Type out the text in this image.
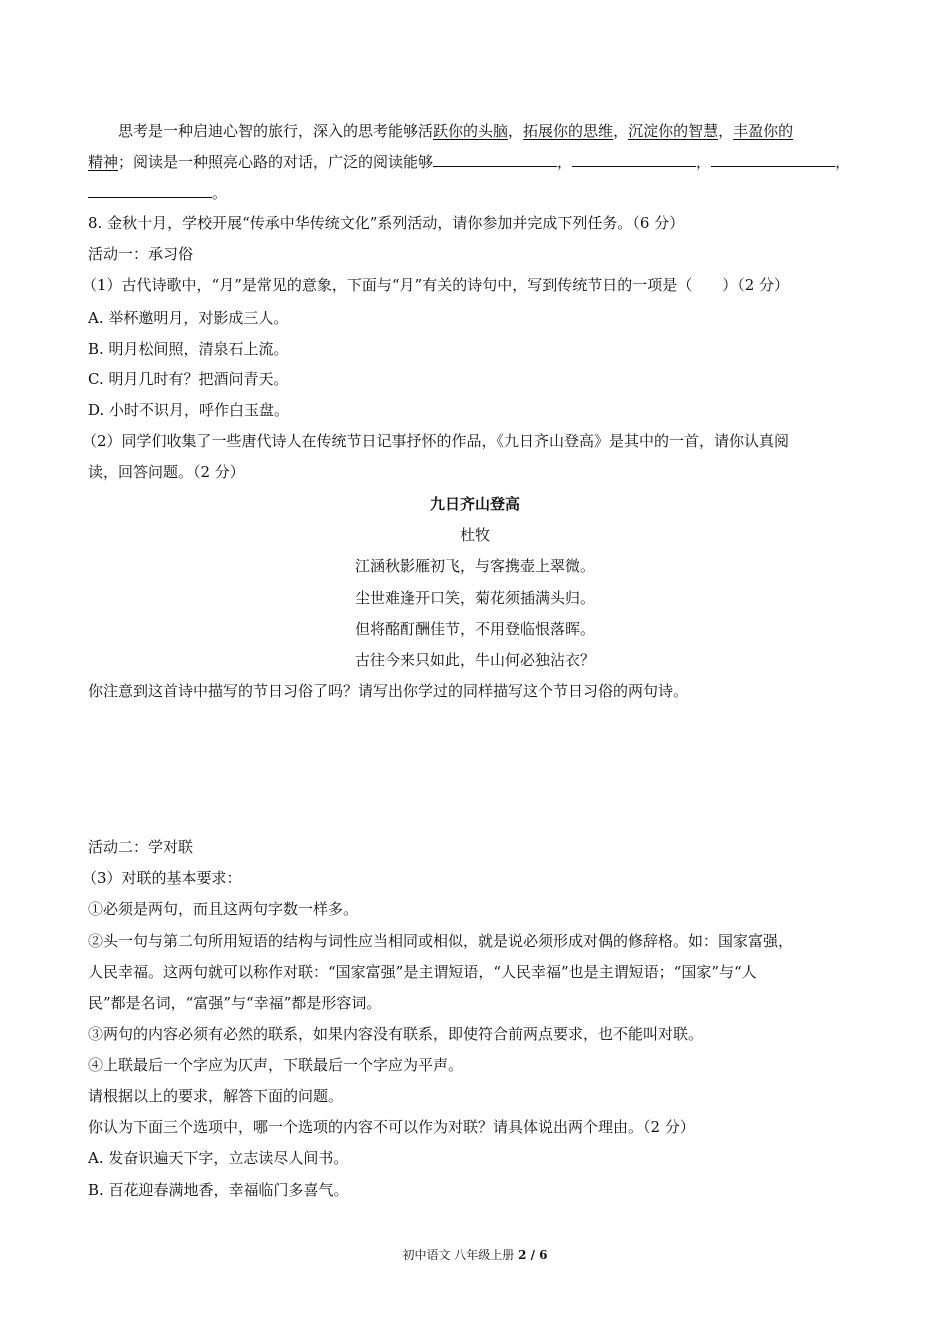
思考是一种启迪心智的旅行，深入的思考能够活跃你的头脑，拓展你的思维，沉淀你的智慧，丰盈你的
精神；阅读是一种照亮心路的对话，广泛的阅读能够	，	，	，
。
8. 金秋十月，学校开展“传承中华传统文化”系列活动，请你参加并完成下列任务。（6 分）
活动一：承习俗
（1）古代诗歌中，“月”是常见的意象，下面与“月”有关的诗句中，写到传统节日的一项是（　　）（2 分）
A. 举杯邀明月，对影成三人。
B. 明月松间照，清泉石上流。
C. 明月几时有？把酒问青天。
D. 小时不识月，呼作白玉盘。
（2）同学们收集了一些唐代诗人在传统节日记事抒怀的作品，《九日齐山登高》是其中的一首，请你认真阅
读，回答问题。（2 分）
九日齐山登高
杜牧
江涵秋影雁初飞，与客携壶上翠微。
尘世难逢开口笑，菊花须插满头归。
但将酩酊酬佳节，不用登临恨落晖。
古往今来只如此，牛山何必独沾衣？
你注意到这首诗中描写的节日习俗了吗？请写出你学过的同样描写这个节日习俗的两句诗。
活动二：学对联
（3）对联的基本要求：
①必须是两句，而且这两句字数一样多。
②头一句与第二句所用短语的结构与词性应当相同或相似，就是说必须形成对偶的修辞格。如：国家富强，
人民幸福。这两句就可以称作对联：“国家富强”是主谓短语，“人民幸福”也是主谓短语；“国家”与“人
民”都是名词，“富强”与“幸福”都是形容词。
③两句的内容必须有必然的联系，如果内容没有联系，即使符合前两点要求，也不能叫对联。
④上联最后一个字应为仄声，下联最后一个字应为平声。
请根据以上的要求，解答下面的问题。
你认为下面三个选项中，哪一个选项的内容不可以作为对联？请具体说出两个理由。（2 分）
A. 发奋识遍天下字，立志读尽人间书。
B. 百花迎春满地香，幸福临门多喜气。
初中语文 八年级上册 2 / 6
